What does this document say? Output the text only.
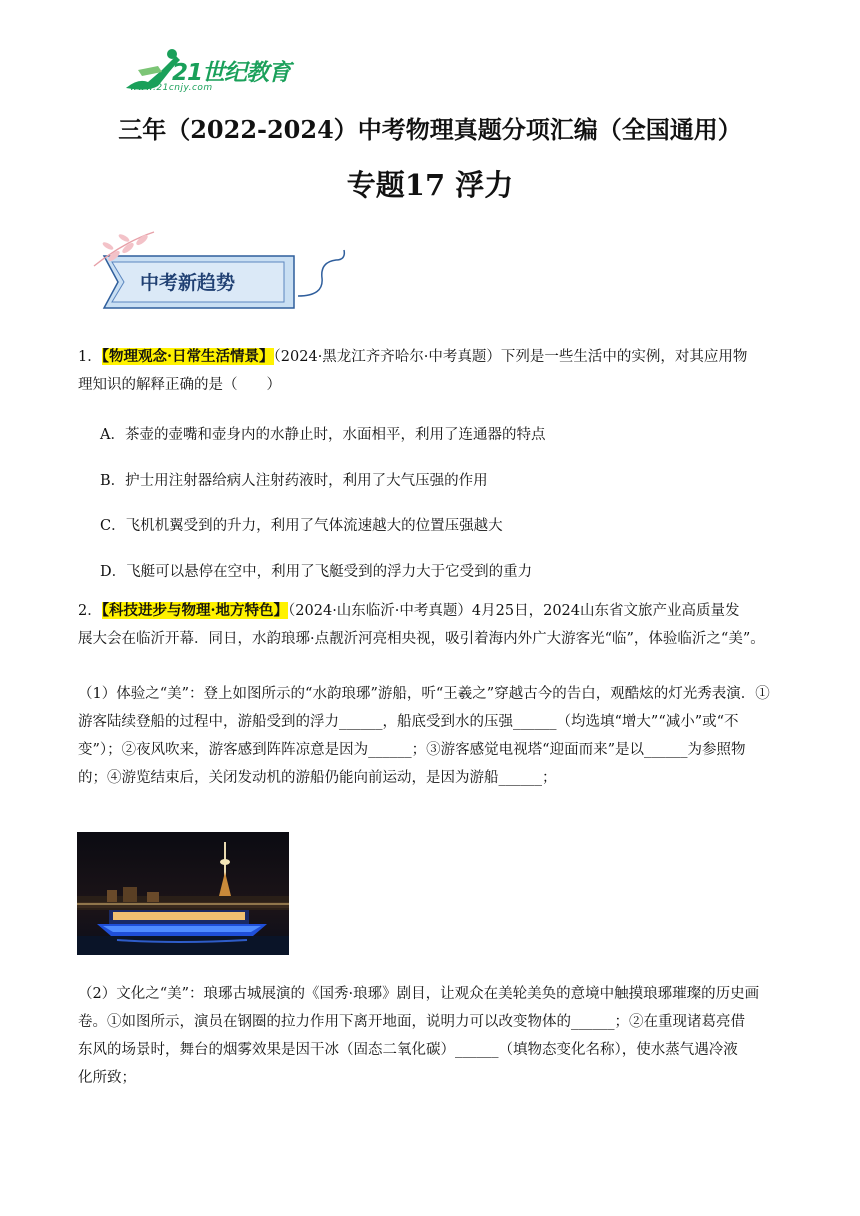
21世纪教育
www.21cnjy.com
三年（2022-2024）中考物理真题分项汇编（全国通用）
专题17 浮力
中考新趋势
1．【物理观念·日常生活情景】（2024·黑龙江齐齐哈尔·中考真题）下列是一些生活中的实例，对其应用物
理知识的解释正确的是（　　）
A．茶壶的壶嘴和壶身内的水静止时，水面相平，利用了连通器的特点
B．护士用注射器给病人注射药液时，利用了大气压强的作用
C．飞机机翼受到的升力，利用了气体流速越大的位置压强越大
D．飞艇可以悬停在空中，利用了飞艇受到的浮力大于它受到的重力
2．【科技进步与物理·地方特色】（2024·山东临沂·中考真题）4月25日，2024山东省文旅产业高质量发
展大会在临沂开幕．同日，水韵琅琊·点靓沂河亮相央视，吸引着海内外广大游客光“临”，体验临沂之“美”。
（1）体验之“美”：登上如图所示的“水韵琅琊”游船，听“王羲之”穿越古今的告白，观酷炫的灯光秀表演．①
游客陆续登船的过程中，游船受到的浮力______，船底受到水的压强______（均选填“增大”“减小”或“不
变”）；②夜风吹来，游客感到阵阵凉意是因为______；③游客感觉电视塔“迎面而来”是以______为参照物
的；④游览结束后，关闭发动机的游船仍能向前运动，是因为游船______；
（2）文化之“美”：琅琊古城展演的《国秀·琅琊》剧目，让观众在美轮美奂的意境中触摸琅琊璀璨的历史画
卷。①如图所示，演员在钢圈的拉力作用下离开地面，说明力可以改变物体的______；②在重现诸葛亮借
东风的场景时，舞台的烟雾效果是因干冰（固态二氧化碳）______（填物态变化名称），使水蒸气遇冷液
化所致；
